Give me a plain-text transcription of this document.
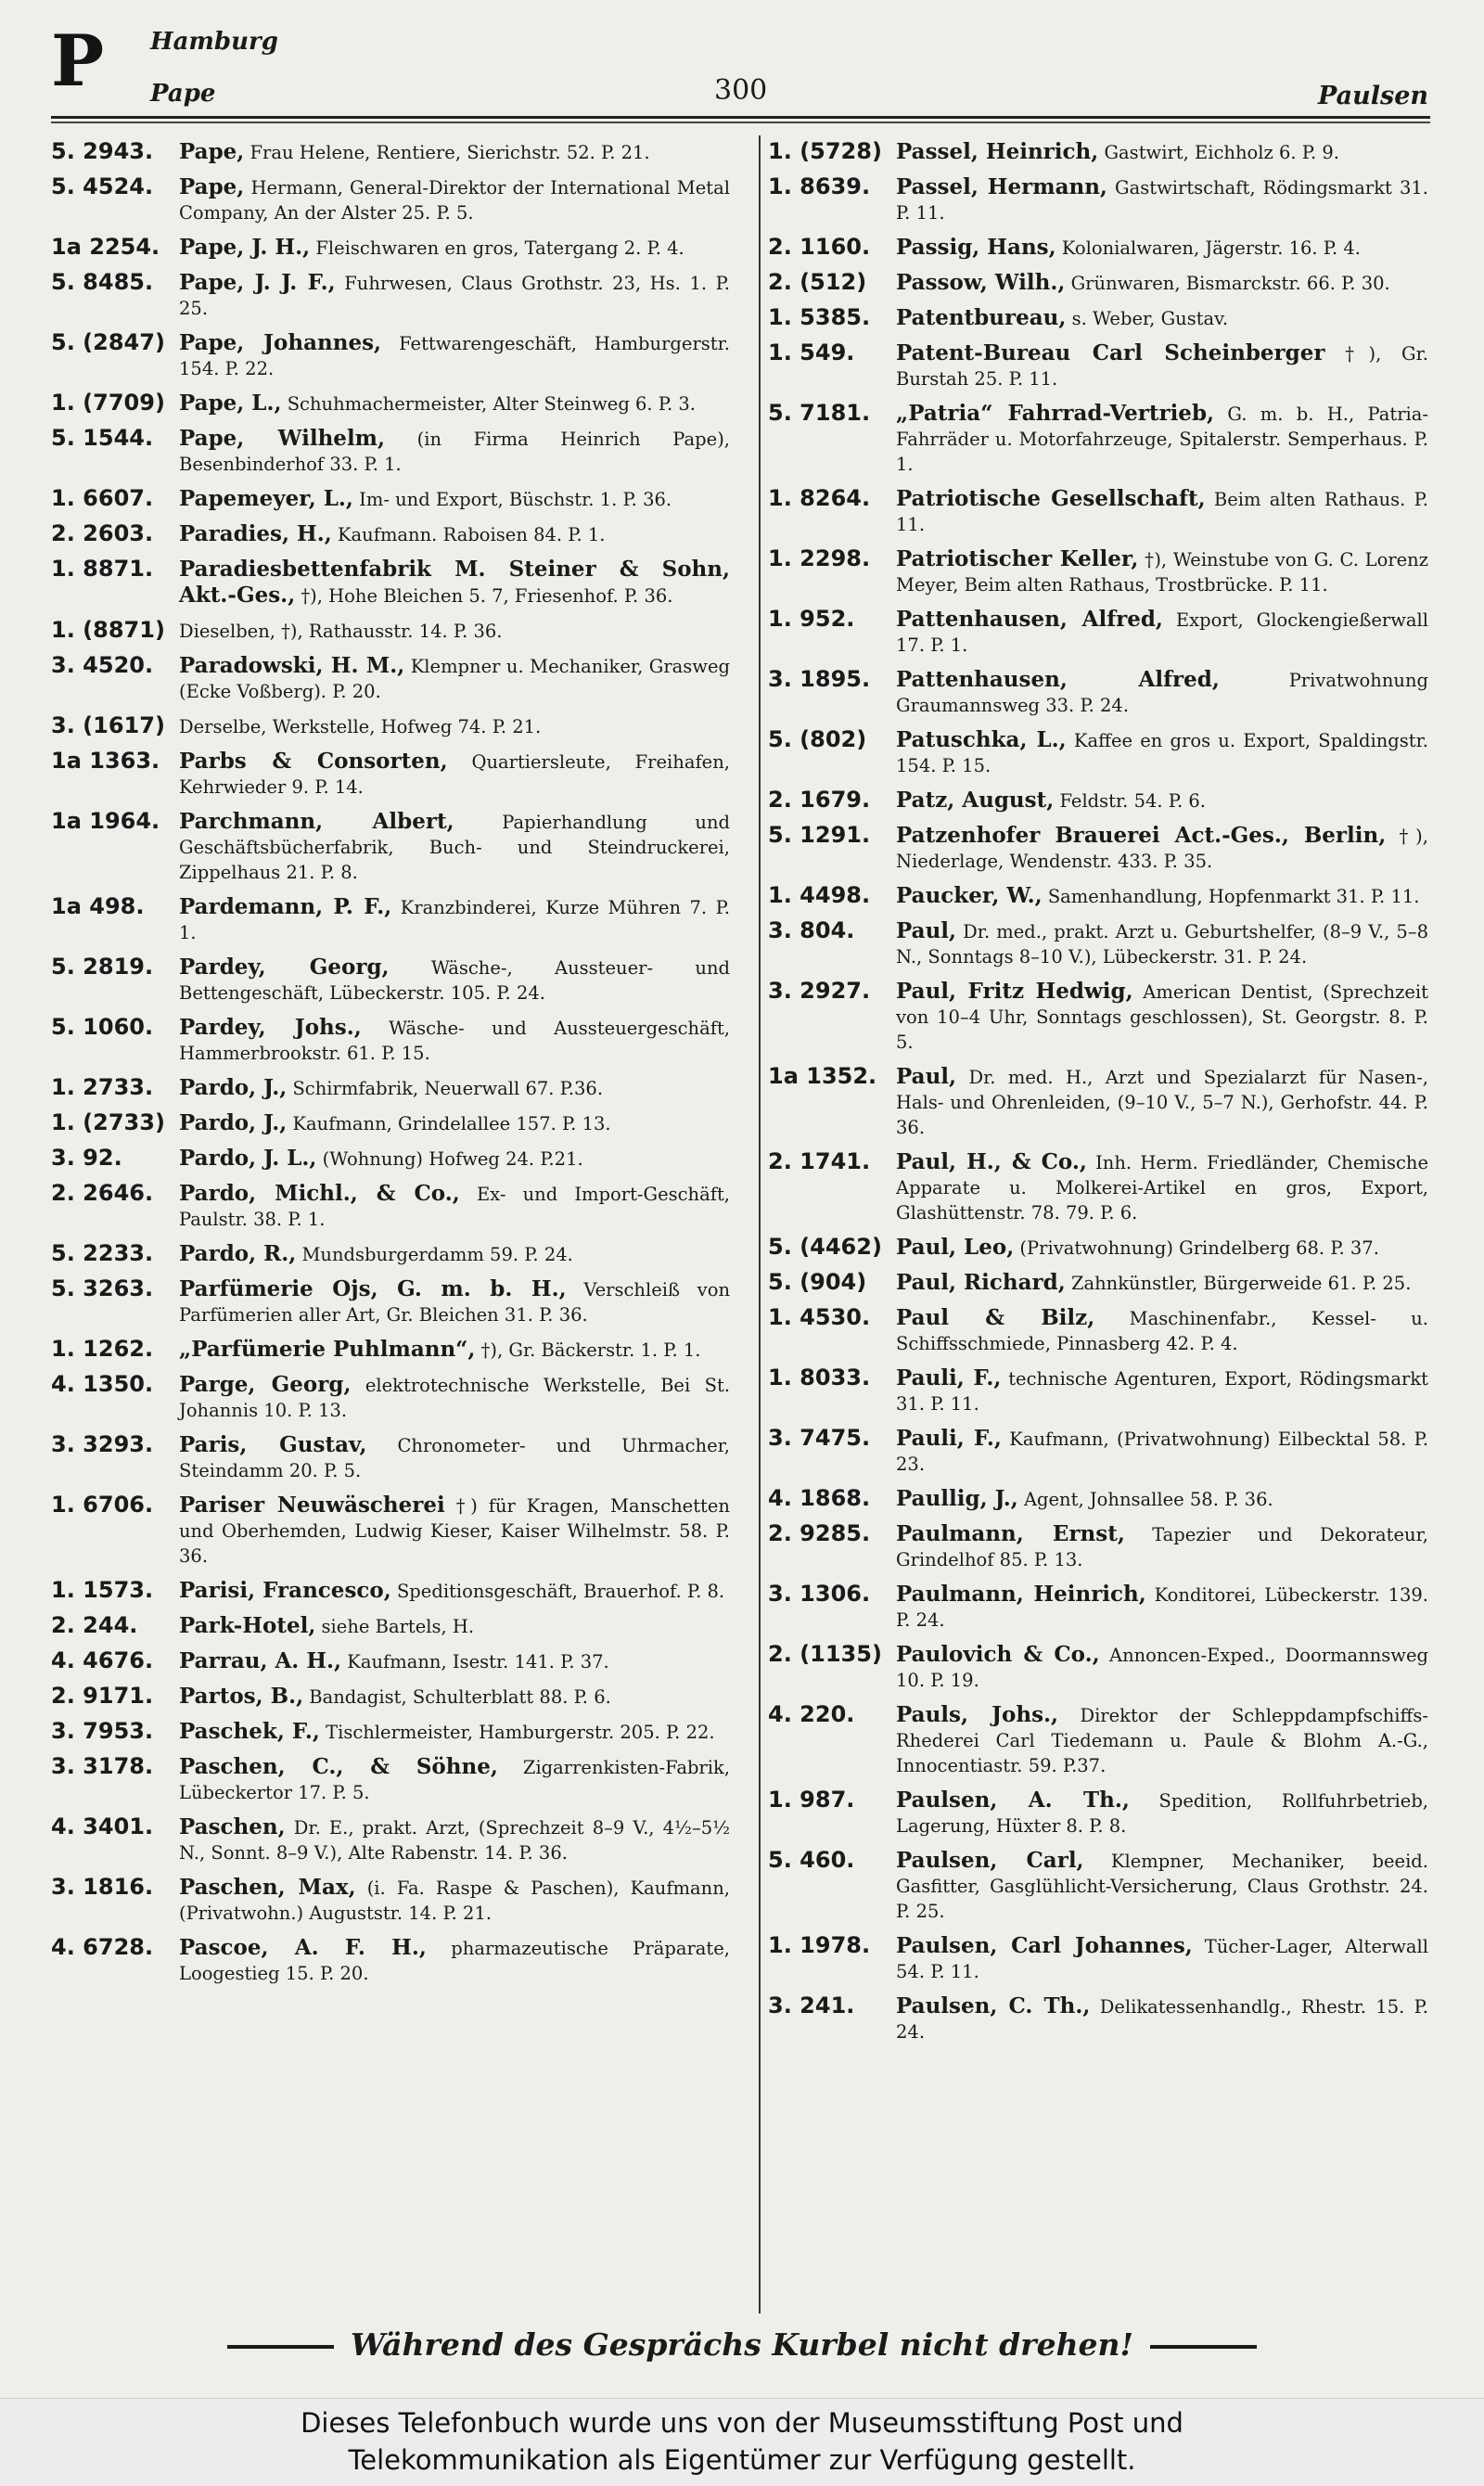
P Hamburg
Pape	300	Paulsen
5. 2943.	Pape, Frau Helene, Rentiere, Sierichstr. 52. P. 21.
5. 4524.	Pape, Hermann, General-Direktor der International Metal Company, An der Alster 25. P. 5.
1a 2254. Pape, J. H., Fleischwaren en gros, Tatergang 2. P. 4.
5. 8485.	Pape, J. J. F., Fuhrwesen, Claus Grothstr. 23, Hs. 1. P. 25.
5. (2847) Pape, Johannes, Fettwarengeschäft, Hamburgerstr. 154. P. 22.
1. (7709) Pape, L., Schuhmachermeister, Alter Steinweg 6. P. 3.
5. 1544.	Pape, Wilhelm, (in Firma Heinrich Pape), Besenbinderhof 33. P. 1.
1. 6607.	Papemeyer, L., Im- und Export, Büschstr. 1. P. 36.
2. 2603.	Paradies, H., Kaufmann. Raboisen 84. P. 1.
1. 8871.	Paradiesbettenfabrik M. Steiner & Sohn, Akt.-Ges., †), Hohe Bleichen 5. 7, Friesenhof. P. 36.
1. (8871) Dieselben, †), Rathausstr. 14. P. 36.
3. 4520.	Paradowski, H. M., Klempner u. Mechaniker, Grasweg (Ecke Voßberg). P. 20.
3. (1617) Derselbe, Werkstelle, Hofweg 74. P. 21.
1a 1363. Parbs & Consorten, Quartiersleute, Freihafen, Kehrwieder 9. P. 14.
1a 1964. Parchmann, Albert,	Papierhandlung und Geschäftsbücherfabrik, Buch- und Steindruckerei, Zippelhaus 21. P. 8.
1a 498.	Pardemann, P. F., Kranzbinderei, Kurze Mühren 7. P. 1.
5. 2819.	Pardey, Georg, Wäsche-, Aussteuer- und Bettengeschäft, Lübeckerstr. 105. P. 24.
5. 1060.	Pardey, Johs., Wäsche- und Aussteuergeschäft, Hammerbrookstr. 61. P. 15.
1. 2733.	Pardo, J., Schirmfabrik, Neuerwall 67. P.36.
1. (2733) Pardo, J., Kaufmann, Grindelallee 157. P. 13.
3. 92.	Pardo, J. L., (Wohnung) Hofweg 24. P.21.
2. 2646.	Pardo, Michl., & Co., Ex- und Import-Geschäft, Paulstr. 38. P. 1.
5. 2233.	Pardo, R., Mundsburgerdamm 59. P. 24.
5. 3263.	Parfümerie Ojs, G. m. b. H., Verschleiß von Parfümerien aller Art, Gr. Bleichen 31. P. 36.
1. 1262.	„Parfümerie Puhlmann“, †), Gr. Bäckerstr. 1. P. 1.
4. 1350.	Parge, Georg, elektrotechnische Werkstelle, Bei St. Johannis 10. P. 13.
3. 3293.	Paris, Gustav, Chronometer- und Uhrmacher, Steindamm 20. P. 5.
1. 6706.	Pariser Neuwäscherei †) für Kragen, Manschetten und Oberhemden, Ludwig Kieser, Kaiser Wilhelmstr. 58. P. 36.
1. 1573.	Parisi, Francesco, Speditionsgeschäft, Brauerhof. P. 8.
2. 244.	Park-Hotel, siehe Bartels, H.
4. 4676.	Parrau, A. H., Kaufmann, Isestr. 141. P. 37.
2. 9171.	Partos, B., Bandagist, Schulterblatt 88. P. 6.
3. 7953.	Paschek, F., Tischlermeister, Hamburgerstr. 205. P. 22.
3. 3178.	Paschen, C., & Söhne, Zigarrenkisten-Fabrik, Lübeckertor 17. P. 5.
4. 3401.	Paschen, Dr. E., prakt. Arzt, (Sprechzeit 8–9 V., 4½–5½ N., Sonnt. 8–9 V.), Alte Rabenstr. 14. P. 36.
3. 1816.	Paschen, Max, (i. Fa. Raspe & Paschen), Kaufmann, (Privatwohn.) Auguststr. 14. P. 21.
4. 6728.	Pascoe, A. F. H., pharmazeutische Präparate, Loogestieg 15. P. 20.
1. (5728) Passel, Heinrich, Gastwirt, Eichholz 6. P. 9.
1. 8639.	Passel, Hermann, Gastwirtschaft, Rödingsmarkt 31. P. 11.
2. 1160.	Passig, Hans, Kolonialwaren, Jägerstr. 16. P. 4.
2. (512)	Passow, Wilh., Grünwaren, Bismarckstr. 66. P. 30.
1. 5385.	Patentbureau, s. Weber, Gustav.
1. 549.	Patent-Bureau Carl Scheinberger †), Gr. Burstah 25. P. 11.
5. 7181.	„Patria“ Fahrrad-Vertrieb, G. m. b. H., Patria-Fahrräder u. Motorfahrzeuge, Spitalerstr. Semperhaus. P. 1.
1. 8264.	Patriotische Gesellschaft, Beim alten Rathaus. P. 11.
1. 2298.	Patriotischer Keller, †), Weinstube von G. C. Lorenz Meyer, Beim alten Rathaus, Trostbrücke. P. 11.
1. 952.	Pattenhausen, Alfred, Export, Glockengießerwall 17. P. 1.
3. 1895.	Pattenhausen, Alfred,	Privatwohnung Graumannsweg 33. P. 24.
5. (802)	Patuschka, L., Kaffee en gros u. Export, Spaldingstr. 154. P. 15.
2. 1679.	Patz, August, Feldstr. 54. P. 6.
5. 1291.	Patzenhofer Brauerei Act.-Ges., Berlin, †), Niederlage, Wendenstr. 433. P. 35.
1. 4498.	Paucker, W., Samenhandlung, Hopfenmarkt 31. P. 11.
3. 804.	Paul, Dr. med., prakt. Arzt u. Geburtshelfer, (8–9 V., 5–8 N., Sonntags 8–10 V.), Lübeckerstr. 31. P. 24.
3. 2927.	Paul, Fritz Hedwig, American Dentist, (Sprechzeit von 10–4 Uhr, Sonntags geschlossen), St. Georgstr. 8. P. 5.
1a 1352. Paul, Dr. med. H., Arzt und Spezialarzt für Nasen-, Hals- und Ohrenleiden, (9–10 V., 5–7 N.), Gerhofstr. 44. P. 36.
2. 1741.	Paul, H., & Co., Inh. Herm. Friedländer, Chemische Apparate u. Molkerei-Artikel en gros, Export, Glashüttenstr. 78. 79. P. 6.
5. (4462) Paul, Leo, (Privatwohnung) Grindelberg 68. P. 37.
5. (904)	Paul, Richard, Zahnkünstler, Bürgerweide 61. P. 25.
1. 4530.	Paul & Bilz, Maschinenfabr., Kessel- u. Schiffsschmiede, Pinnasberg 42. P. 4.
1. 8033.	Pauli, F., technische Agenturen, Export, Rödingsmarkt 31. P. 11.
3. 7475.	Pauli, F., Kaufmann, (Privatwohnung) Eilbecktal 58. P. 23.
4. 1868.	Paullig, J., Agent, Johnsallee 58. P. 36.
2. 9285.	Paulmann, Ernst, Tapezier und Dekorateur, Grindelhof 85. P. 13.
3. 1306.	Paulmann, Heinrich, Konditorei, Lübeckerstr. 139. P. 24.
2. (1135) Paulovich & Co., Annoncen-Exped., Doormannsweg 10. P. 19.
4. 220.	Pauls, Johs., Direktor der Schleppdampfschiffs-Rhederei Carl Tiedemann u. Paule & Blohm A.-G., Innocentiastr. 59. P.37.
1. 987.	Paulsen, A. Th., Spedition, Rollfuhrbetrieb, Lagerung, Hüxter 8. P. 8.
5. 460.	Paulsen, Carl, Klempner, Mechaniker, beeid. Gasfitter, Gasglühlicht-Versicherung, Claus Grothstr. 24. P. 25.
1. 1978.	Paulsen, Carl Johannes, Tücher-Lager, Alterwall 54. P. 11.
3. 241.	Paulsen, C. Th., Delikatessenhandlg., Rhestr. 15. P. 24.
Während des Gesprächs Kurbel nicht drehen!
Dieses Telefonbuch wurde uns von der Museumsstiftung Post und
Telekommunikation als Eigentümer zur Verfügung gestellt.
